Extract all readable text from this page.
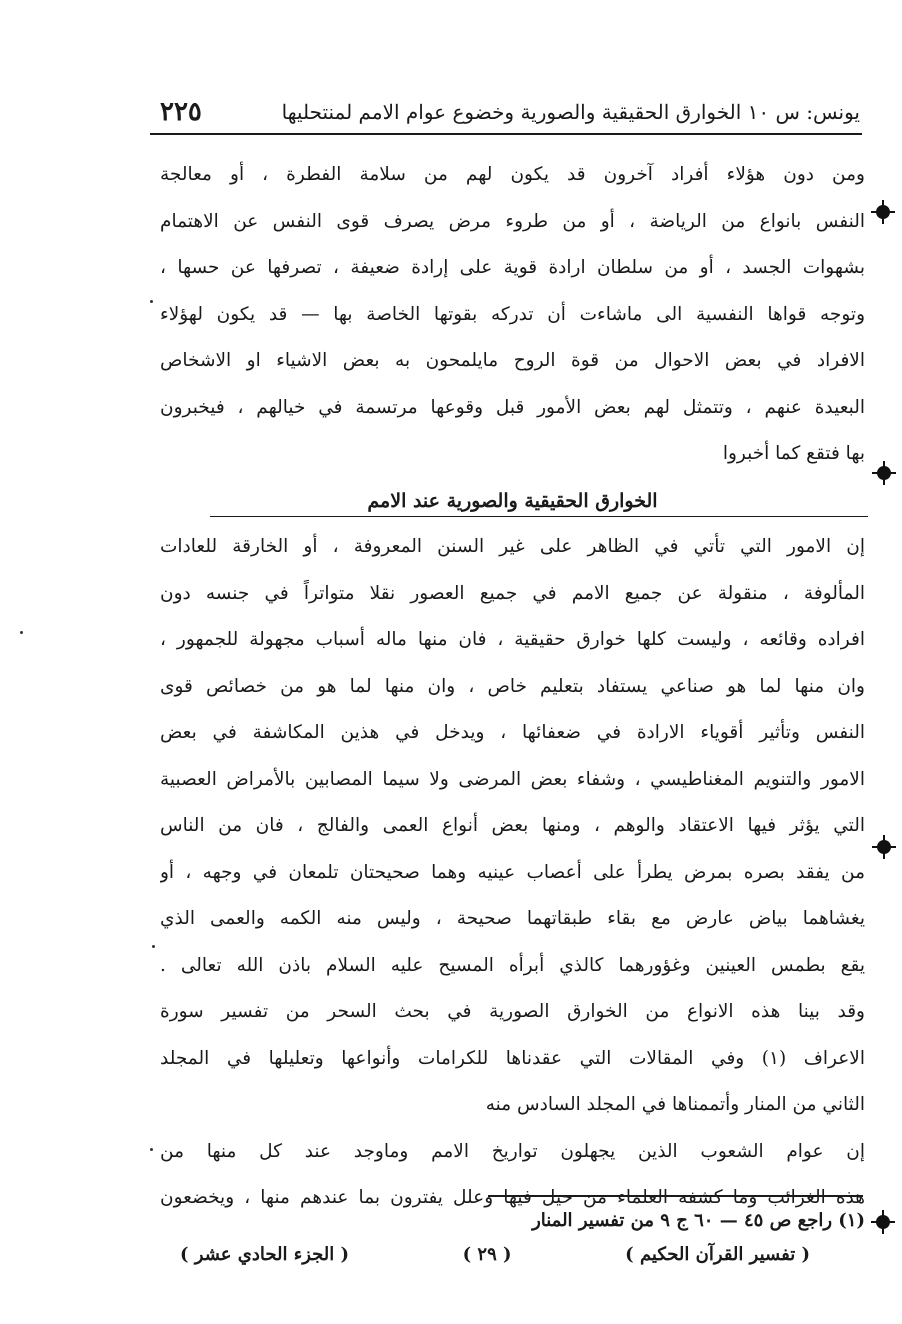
يونس: س ١٠ الخوارق الحقيقية والصورية وخضوع عوام الامم لمنتحليها
٢٢٥
ومن دون هؤلاء أفراد آخرون قد يكون لهم من سلامة الفطرة ، أو معالجة
النفس بانواع من الرياضة ، أو من طروء مرض يصرف قوى النفس عن الاهتمام
بشهوات الجسد ، أو من سلطان ارادة قوية على إرادة ضعيفة ، تصرفها عن حسها ،
وتوجه قواها النفسية الى ماشاءت أن تدركه بقوتها الخاصة بها — قد يكون لهؤلاء
الافراد في بعض الاحوال من قوة الروح مايلمحون به بعض الاشياء او الاشخاص
البعيدة عنهم ، وتتمثل لهم بعض الأمور قبل وقوعها مرتسمة في خيالهم ، فيخبرون
بها فتقع كما أخبروا
الخوارق الحقيقية والصورية عند الامم
إن الامور التي تأتي في الظاهر على غير السنن المعروفة ، أو الخارقة للعادات
المألوفة ، منقولة عن جميع الامم في جميع العصور نقلا متواتراً في جنسه دون
افراده وقائعه ، وليست كلها خوارق حقيقية ، فان منها ماله أسباب مجهولة للجمهور ،
وان منها لما هو صناعي يستفاد بتعليم خاص ، وان منها لما هو من خصائص قوى
النفس وتأثير أقوياء الارادة في ضعفائها ، ويدخل في هذين المكاشفة في بعض
الامور والتنويم المغناطيسي ، وشفاء بعض المرضى ولا سيما المصابين بالأمراض العصبية
التي يؤثر فيها الاعتقاد والوهم ، ومنها بعض أنواع العمى والفالج ، فان من الناس
من يفقد بصره بمرض يطرأ على أعصاب عينيه وهما صحيحتان تلمعان في وجهه ، أو
يغشاهما بياض عارض مع بقاء طبقاتهما صحيحة ، وليس منه الكمه والعمى الذي
يقع بطمس العينين وغؤورهما كالذي أبرأه المسيح عليه السلام باذن الله تعالى .
وقد بينا هذه الانواع من الخوارق الصورية في بحث السحر من تفسير سورة
الاعراف (١) وفي المقالات التي عقدناها للكرامات وأنواعها وتعليلها في المجلد
الثاني من المنار وأتممناها في المجلد السادس منه
إن عوام الشعوب الذين يجهلون تواريخ الامم وماوجد عند كل منها من
هذه الغرائب وما كشفه العلماء من حيل فيها وعلل يفترون بما عندهم منها ، ويخضعون
(١) راجع ص ٤٥ — ٦٠ ج ٩ من تفسير المنار
( تفسير القرآن الحكيم )
( ٢٩ )
( الجزء الحادي عشر )
